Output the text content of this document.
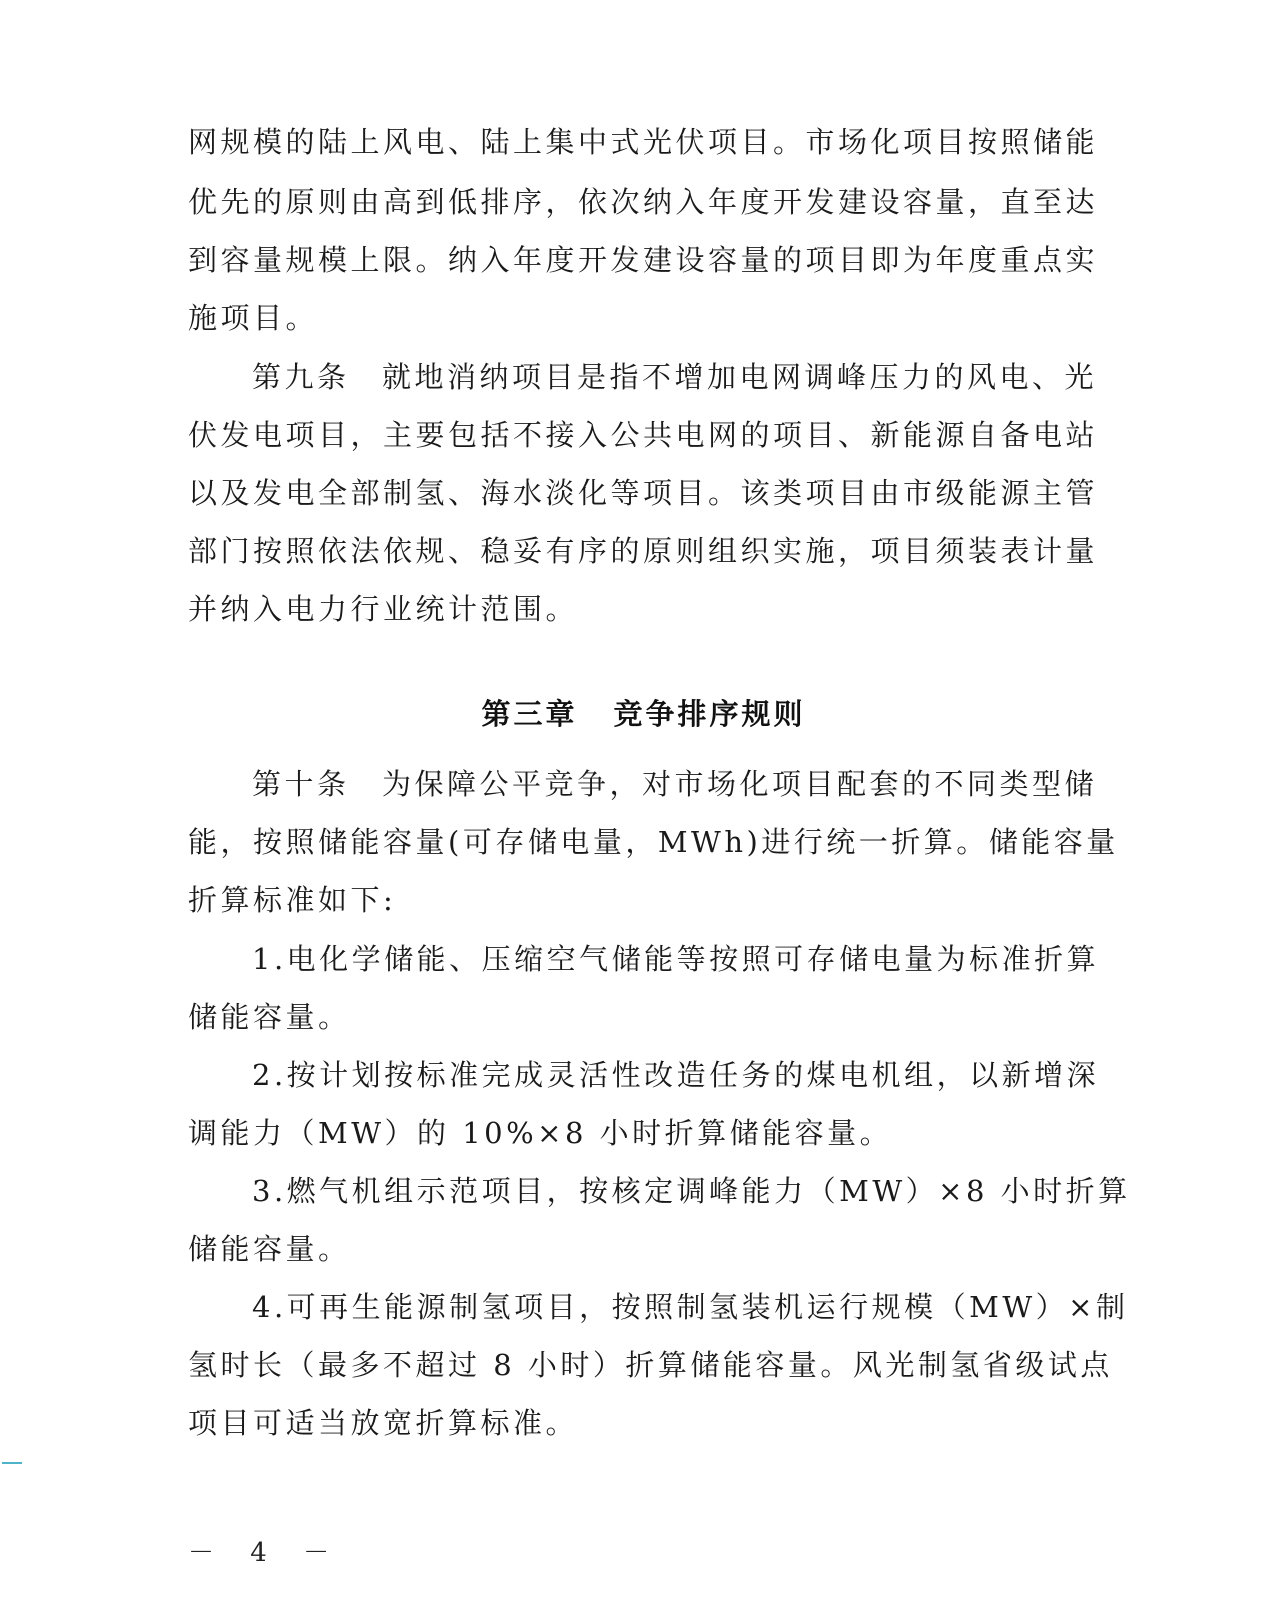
网规模的陆上风电、陆上集中式光伏项目。市场化项目按照储能
优先的原则由高到低排序，依次纳入年度开发建设容量，直至达
到容量规模上限。纳入年度开发建设容量的项目即为年度重点实
施项目。
第九条　就地消纳项目是指不增加电网调峰压力的风电、光
伏发电项目，主要包括不接入公共电网的项目、新能源自备电站
以及发电全部制氢、海水淡化等项目。该类项目由市级能源主管
部门按照依法依规、稳妥有序的原则组织实施，项目须装表计量
并纳入电力行业统计范围。
第三章 竞争排序规则
第十条　为保障公平竞争，对市场化项目配套的不同类型储
能，按照储能容量(可存储电量，MWh)进行统一折算。储能容量
折算标准如下:
1.电化学储能、压缩空气储能等按照可存储电量为标准折算
储能容量。
2.按计划按标准完成灵活性改造任务的煤电机组，以新增深
调能力（MW）的 10%×8 小时折算储能容量。
3.燃气机组示范项目，按核定调峰能力（MW）×8 小时折算
储能容量。
4.可再生能源制氢项目，按照制氢装机运行规模（MW）×制
氢时长（最多不超过 8 小时）折算储能容量。风光制氢省级试点
项目可适当放宽折算标准。
－ 4 －
